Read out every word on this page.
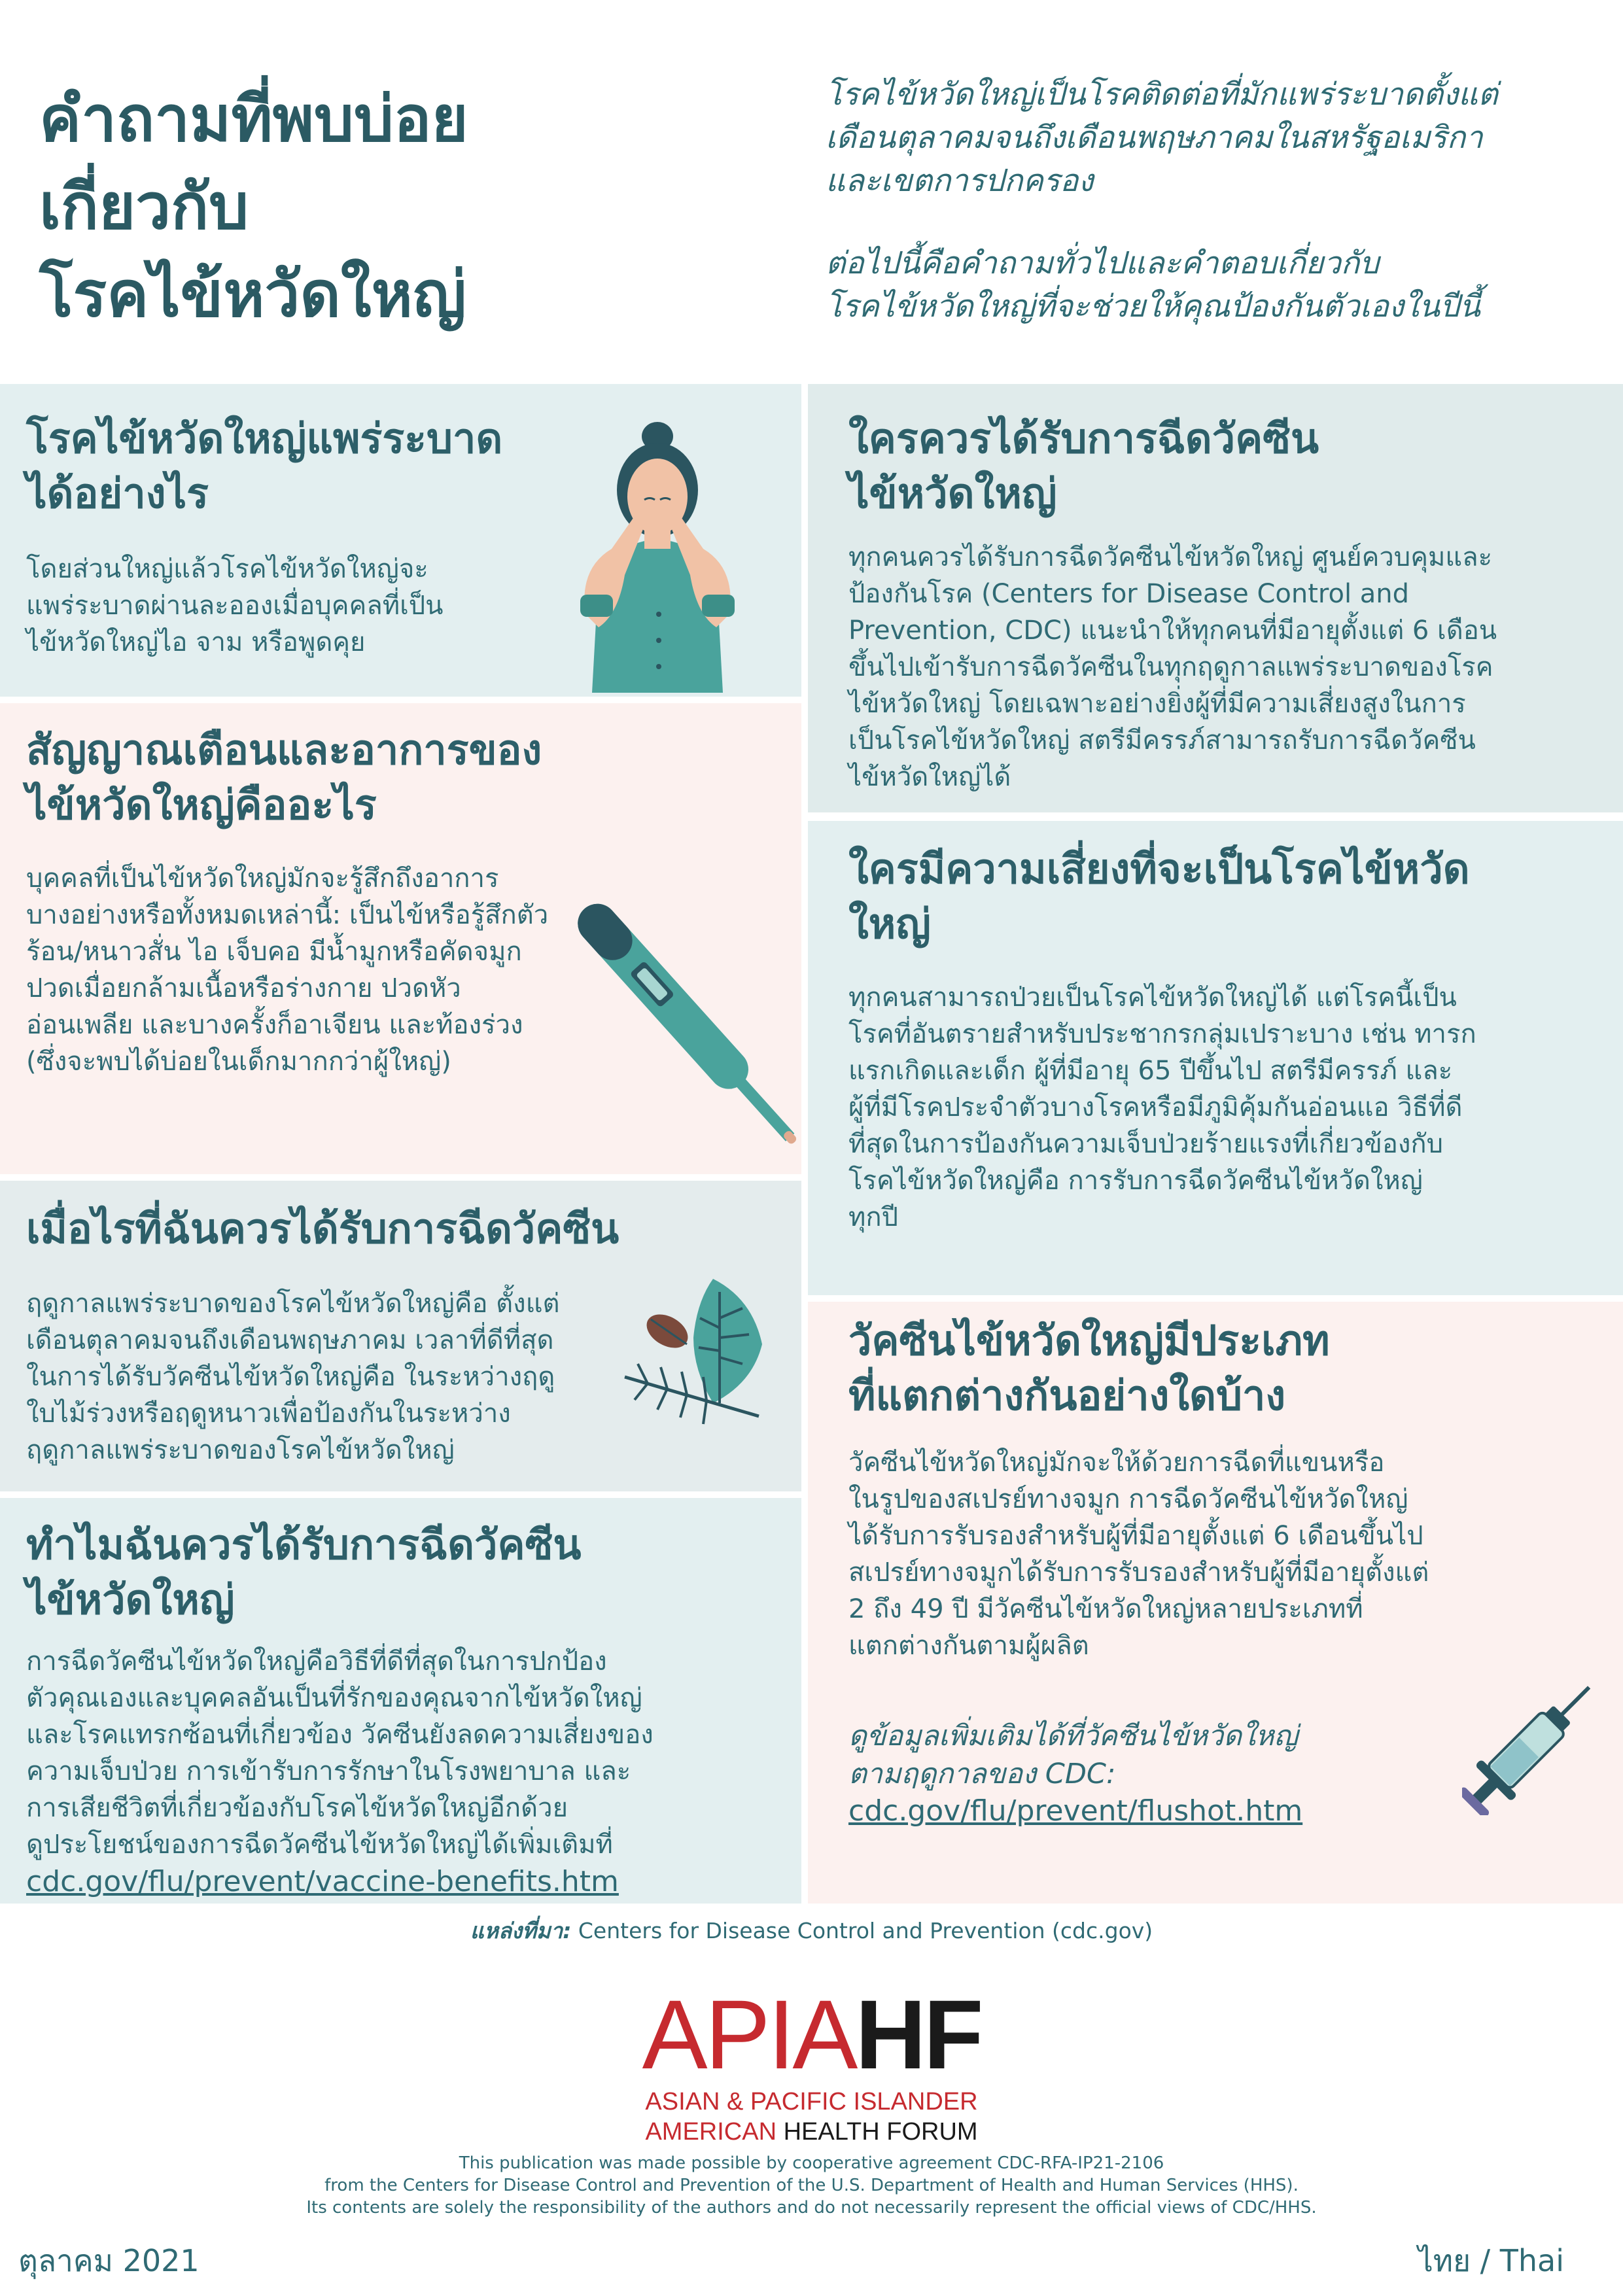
คำถามที่พบบ่อย
เกี่ยวกับ
โรคไข้หวัดใหญ่
โรคไข้หวัดใหญ่เป็นโรคติดต่อที่มักแพร่ระบาดตั้งแต่
เดือนตุลาคมจนถึงเดือนพฤษภาคมในสหรัฐอเมริกา
และเขตการปกครอง
ต่อไปนี้คือคำถามทั่วไปและคำตอบเกี่ยวกับ
โรคไข้หวัดใหญ่ที่จะช่วยให้คุณป้องกันตัวเองในปีนี้
โรคไข้หวัดใหญ่แพร่ระบาด
ได้อย่างไร
โดยส่วนใหญ่แล้วโรคไข้หวัดใหญ่จะ
แพร่ระบาดผ่านละอองเมื่อบุคคลที่เป็น
ไข้หวัดใหญ่ไอ จาม หรือพูดคุย
สัญญาณเตือนและอาการของ
ไข้หวัดใหญ่คืออะไร
บุคคลที่เป็นไข้หวัดใหญ่มักจะรู้สึกถึงอาการ
บางอย่างหรือทั้งหมดเหล่านี้: เป็นไข้หรือรู้สึกตัว
ร้อน/หนาวสั่น ไอ เจ็บคอ มีน้ำมูกหรือคัดจมูก
ปวดเมื่อยกล้ามเนื้อหรือร่างกาย ปวดหัว
อ่อนเพลีย และบางครั้งก็อาเจียน และท้องร่วง
(ซึ่งจะพบได้บ่อยในเด็กมากกว่าผู้ใหญ่)
เมื่อไรที่ฉันควรได้รับการฉีดวัคซีน
ฤดูกาลแพร่ระบาดของโรคไข้หวัดใหญ่คือ ตั้งแต่
เดือนตุลาคมจนถึงเดือนพฤษภาคม เวลาที่ดีที่สุด
ในการได้รับวัคซีนไข้หวัดใหญ่คือ ในระหว่างฤดู
ใบไม้ร่วงหรือฤดูหนาวเพื่อป้องกันในระหว่าง
ฤดูกาลแพร่ระบาดของโรคไข้หวัดใหญ่
ทำไมฉันควรได้รับการฉีดวัคซีน
ไข้หวัดใหญ่
การฉีดวัคซีนไข้หวัดใหญ่คือวิธีที่ดีที่สุดในการปกป้อง
ตัวคุณเองและบุคคลอันเป็นที่รักของคุณจากไข้หวัดใหญ่
และโรคแทรกซ้อนที่เกี่ยวข้อง วัคซีนยังลดความเสี่ยงของ
ความเจ็บป่วย การเข้ารับการรักษาในโรงพยาบาล และ
การเสียชีวิตที่เกี่ยวข้องกับโรคไข้หวัดใหญ่อีกด้วย
ดูประโยชน์ของการฉีดวัคซีนไข้หวัดใหญ่ได้เพิ่มเติมที่
cdc.gov/flu/prevent/vaccine-benefits.htm
ใครควรได้รับการฉีดวัคซีน
ไข้หวัดใหญ่
ทุกคนควรได้รับการฉีดวัคซีนไข้หวัดใหญ่ ศูนย์ควบคุมและ
ป้องกันโรค (Centers for Disease Control and
Prevention, CDC) แนะนำให้ทุกคนที่มีอายุตั้งแต่ 6 เดือน
ขึ้นไปเข้ารับการฉีดวัคซีนในทุกฤดูกาลแพร่ระบาดของโรค
ไข้หวัดใหญ่ โดยเฉพาะอย่างยิ่งผู้ที่มีความเสี่ยงสูงในการ
เป็นโรคไข้หวัดใหญ่ สตรีมีครรภ์สามารถรับการฉีดวัคซีน
ไข้หวัดใหญ่ได้
ใครมีความเสี่ยงที่จะเป็นโรคไข้หวัด
ใหญ่
ทุกคนสามารถป่วยเป็นโรคไข้หวัดใหญ่ได้ แต่โรคนี้เป็น
โรคที่อันตรายสำหรับประชากรกลุ่มเปราะบาง เช่น ทารก
แรกเกิดและเด็ก ผู้ที่มีอายุ 65 ปีขึ้นไป สตรีมีครรภ์ และ
ผู้ที่มีโรคประจำตัวบางโรคหรือมีภูมิคุ้มกันอ่อนแอ วิธีที่ดี
ที่สุดในการป้องกันความเจ็บป่วยร้ายแรงที่เกี่ยวข้องกับ
โรคไข้หวัดใหญ่คือ การรับการฉีดวัคซีนไข้หวัดใหญ่
ทุกปี
วัคซีนไข้หวัดใหญ่มีประเภท
ที่แตกต่างกันอย่างใดบ้าง
วัคซีนไข้หวัดใหญ่มักจะให้ด้วยการฉีดที่แขนหรือ
ในรูปของสเปรย์ทางจมูก การฉีดวัคซีนไข้หวัดใหญ่
ได้รับการรับรองสำหรับผู้ที่มีอายุตั้งแต่ 6 เดือนขึ้นไป
สเปรย์ทางจมูกได้รับการรับรองสำหรับผู้ที่มีอายุตั้งแต่
2 ถึง 49 ปี มีวัคซีนไข้หวัดใหญ่หลายประเภทที่
แตกต่างกันตามผู้ผลิต
ดูข้อมูลเพิ่มเติมได้ที่วัคซีนไข้หวัดใหญ่
ตามฤดูกาลของ CDC:
cdc.gov/flu/prevent/flushot.htm
แหล่งที่มา: Centers for Disease Control and Prevention (cdc.gov)
APIAHF
ASIAN & PACIFIC ISLANDER
AMERICAN HEALTH FORUM
This publication was made possible by cooperative agreement CDC-RFA-IP21-2106
from the Centers for Disease Control and Prevention of the U.S. Department of Health and Human Services (HHS).
Its contents are solely the responsibility of the authors and do not necessarily represent the official views of CDC/HHS.
ตุลาคม 2021	ไทย / Thai
